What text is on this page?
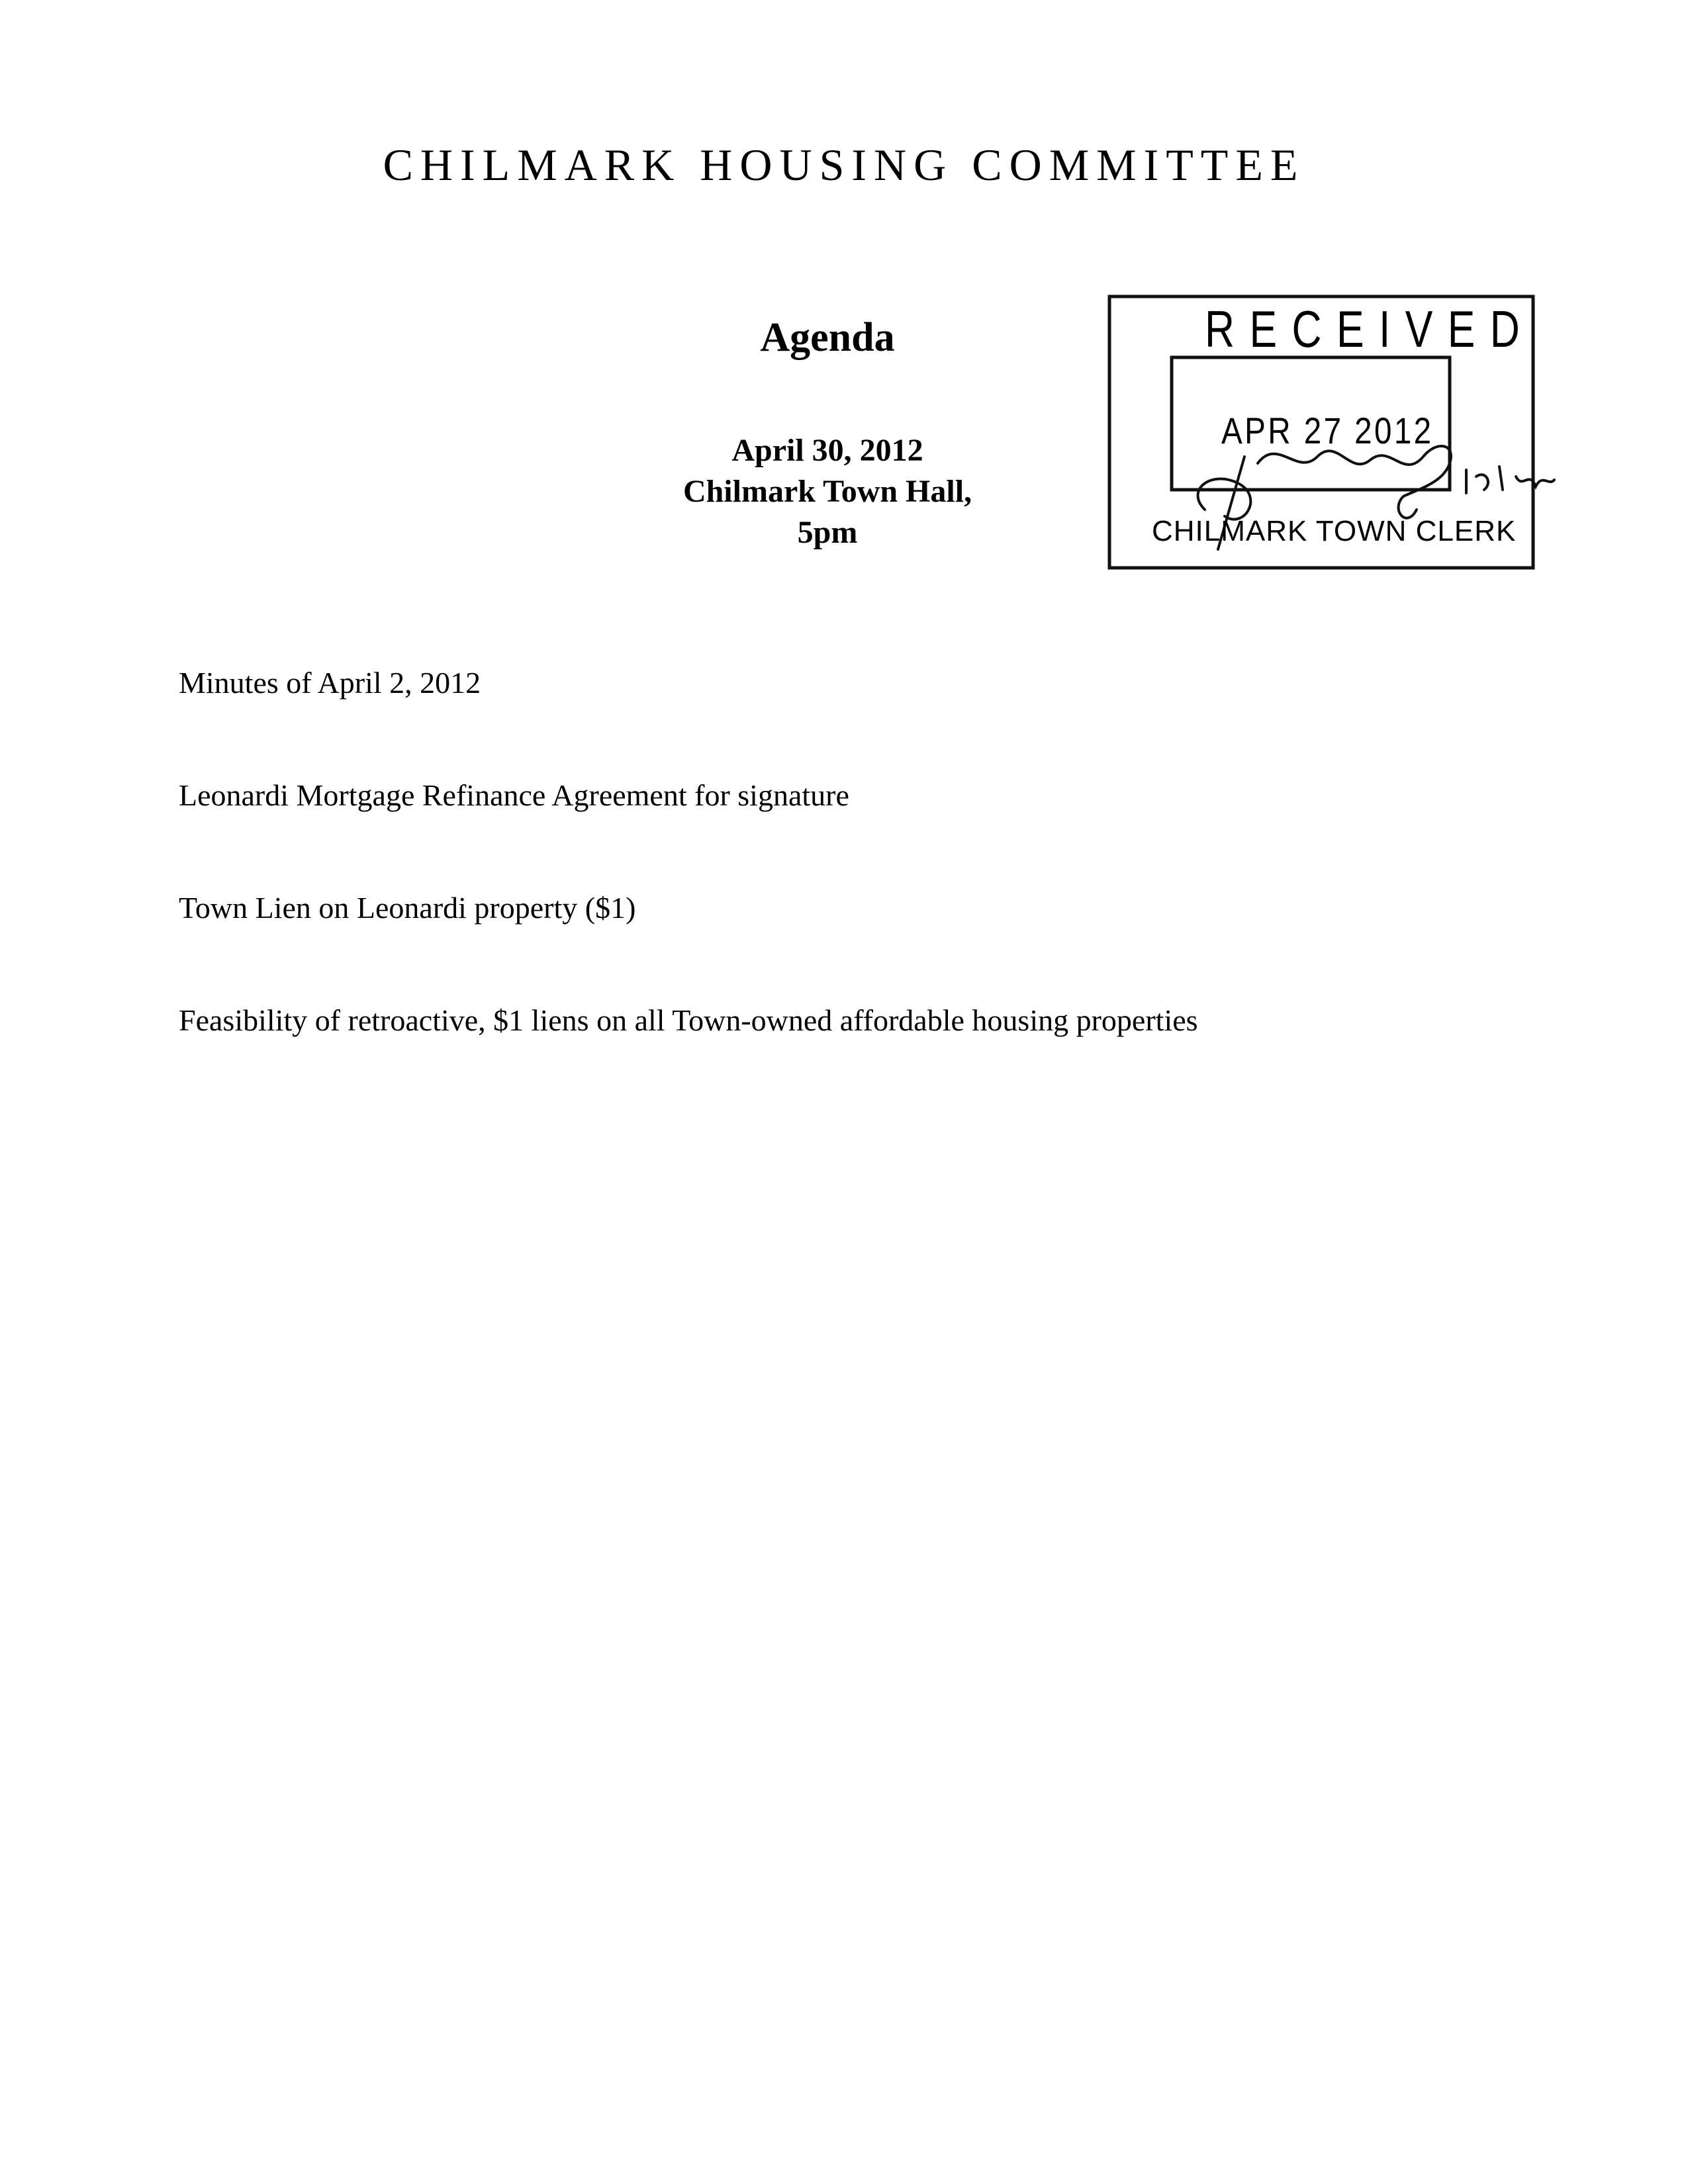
CHILMARK HOUSING COMMITTEE
Agenda
April 30, 2012
Chilmark Town Hall,
5pm
RECEIVED
APR 27 2012
CHILMARK TOWN CLERK
Minutes of April 2, 2012
Leonardi Mortgage Refinance Agreement for signature
Town Lien on Leonardi property ($1)
Feasibility of retroactive, $1 liens on all Town-owned affordable housing properties
